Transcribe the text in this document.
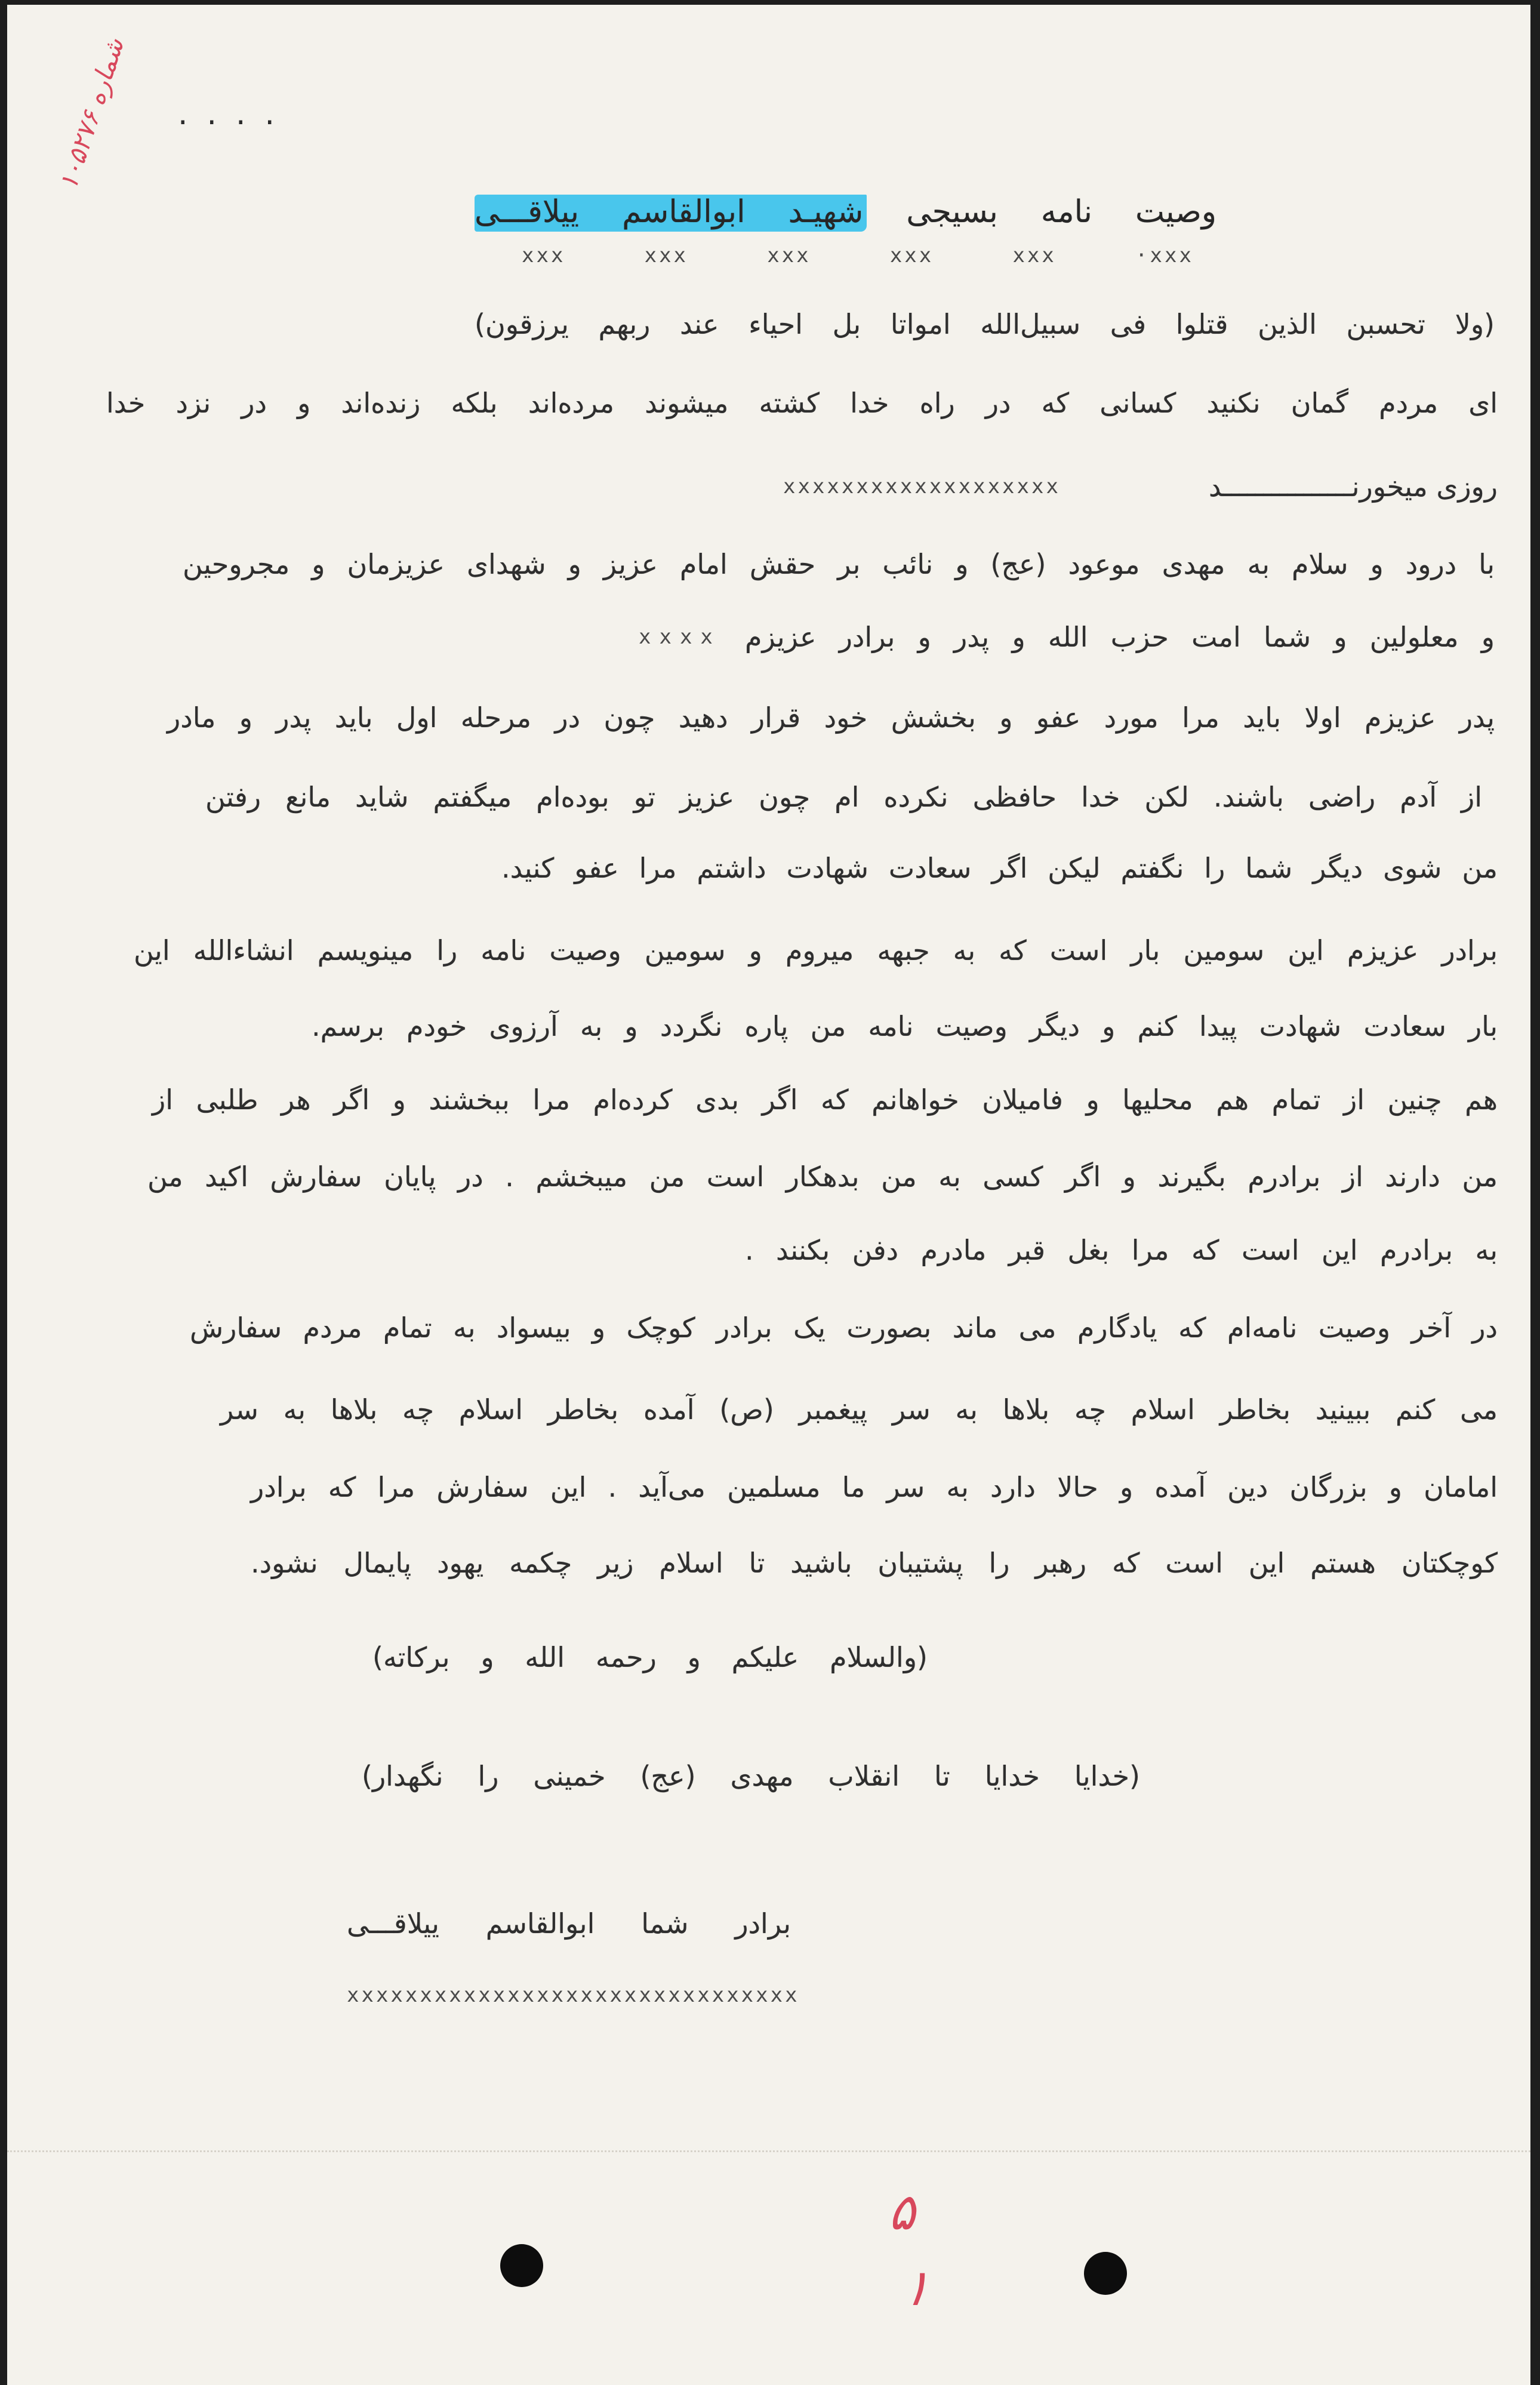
شماره ۱۰۵۲۷۶ ....
وصیت نامه بسیجی شهیـد ابوالقاسم ییلاقـــی
xxx	xxx	xxx	xxx	xxx	·xxx
(ولا تحسبن الذین قتلوا فی سبیل‌الله امواتا بل احیاء عند ربهم یرزقون)
ای مردم گمان نکنید کسانی که در راه خدا کشته میشوند مرده‌اند بلکه زنده‌اند و در نزد خدا
روزی میخورنــــــــــــــــد
xxxxxxxxxxxxxxxxxxx
با درود و سلام به مهدی موعود (عج) و نائب بر حقش امام عزیز و شهدای عزیزمان و مجروحین
و معلولین و شما امت حزب الله و پدر و برادر عزیزم
xxxx
پدر عزیزم اولا باید مرا مورد عفو و بخشش خود قرار دهید چون در مرحله اول باید پدر و مادر
از آدم راضی باشند. لکن خدا حافظی نکرده ام چون عزیز تو بوده‌ام میگفتم شاید مانع رفتن
من شوی دیگر شما را نگفتم لیکن اگر سعادت شهادت داشتم مرا عفو کنید.
برادر عزیزم این سومین بار است که به جبهه میروم و سومین وصیت نامه را مینویسم انشاءالله این
بار سعادت شهادت پیدا کنم و دیگر وصیت نامه من پاره نگردد و به آرزوی خودم برسم.
هم چنین از تمام هم محلیها و فامیلان خواهانم که اگر بدی کرده‌ام مرا ببخشند و اگر هر طلبی از
من دارند از برادرم بگیرند و اگر کسی به من بدهکار است من میبخشم . در پایان سفارش اکید من
به برادرم این است که مرا بغل قبر مادرم دفن بکنند .
در آخر وصیت نامه‌ام که یادگارم می ماند بصورت یک برادر کوچک و بیسواد به تمام مردم سفارش
می کنم ببینید بخاطر اسلام چه بلاها به سر پیغمبر (ص) آمده بخاطر اسلام چه بلاها به سر
امامان و بزرگان دین آمده و حالا دارد به سر ما مسلمین می‌آید . این سفارش مرا که برادر
کوچکتان هستم این است که رهبر را پشتیبان باشید تا اسلام زیر چکمه یهود پایمال نشود.
(والسلام علیکم و رحمه الله و برکاته)
(خدایا خدایا تا انقلاب مهدی (عج) خمینی را نگهدار)
برادر شما ابوالقاسم ییلاقـــی
xxxxxxxxxxxxxxxxxxxxxxxxxxxxxxx
۵
۱
